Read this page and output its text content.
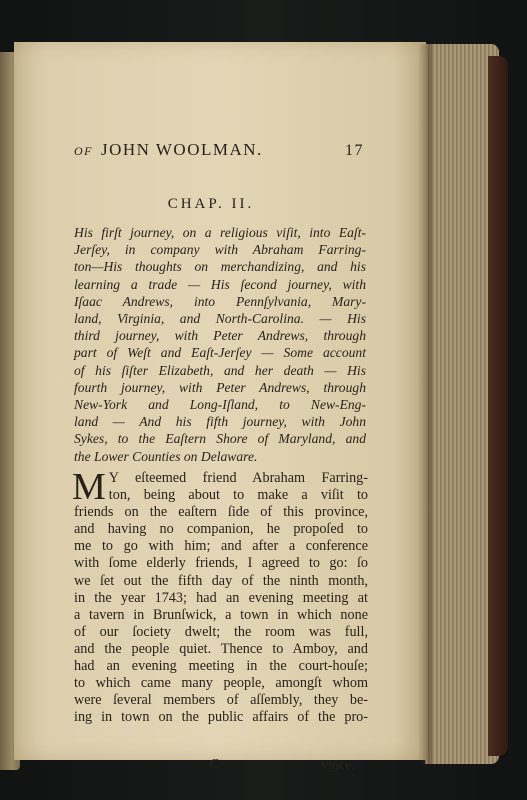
OF JOHN WOOLMAN.	17
CHAP. II.
His firſt journey, on a religious viſit, into Eaſt-
Jerſey, in company with Abraham Farring-
ton—His thoughts on merchandizing, and his
learning a trade — His ſecond journey, with
Iſaac Andrews, into Pennſylvania, Mary-
land, Virginia, and North-Carolina. — His
third journey, with Peter Andrews, through
part of Weſt and Eaſt-Jerſey — Some account
of his ſiſter Elizabeth, and her death — His
fourth journey, with Peter Andrews, through
New-York and Long-Iſland, to New-Eng-
land — And his fifth journey, with John
Sykes, to the Eaſtern Shore of Maryland, and
the Lower Counties on Delaware.
M Y eſteemed friend Abraham Farring-
ton, being about to make a viſit to
friends on the eaſtern ſide of this province,
and having no companion, he propoſed to
me to go with him; and after a conference
with ſome elderly friends, I agreed to go: ſo
we ſet out the fifth day of the ninth month,
in the year 1743; had an evening meeting at
a tavern in Brunſwick, a town in which none
of our ſociety dwelt; the room was full,
and the people quiet. Thence to Amboy, and
had an evening meeting in the court-houſe;
to which came many people, amongſt whom
were ſeveral members of aſſembly, they be-
ing in town on the public affairs of the pro-
C	vince,
